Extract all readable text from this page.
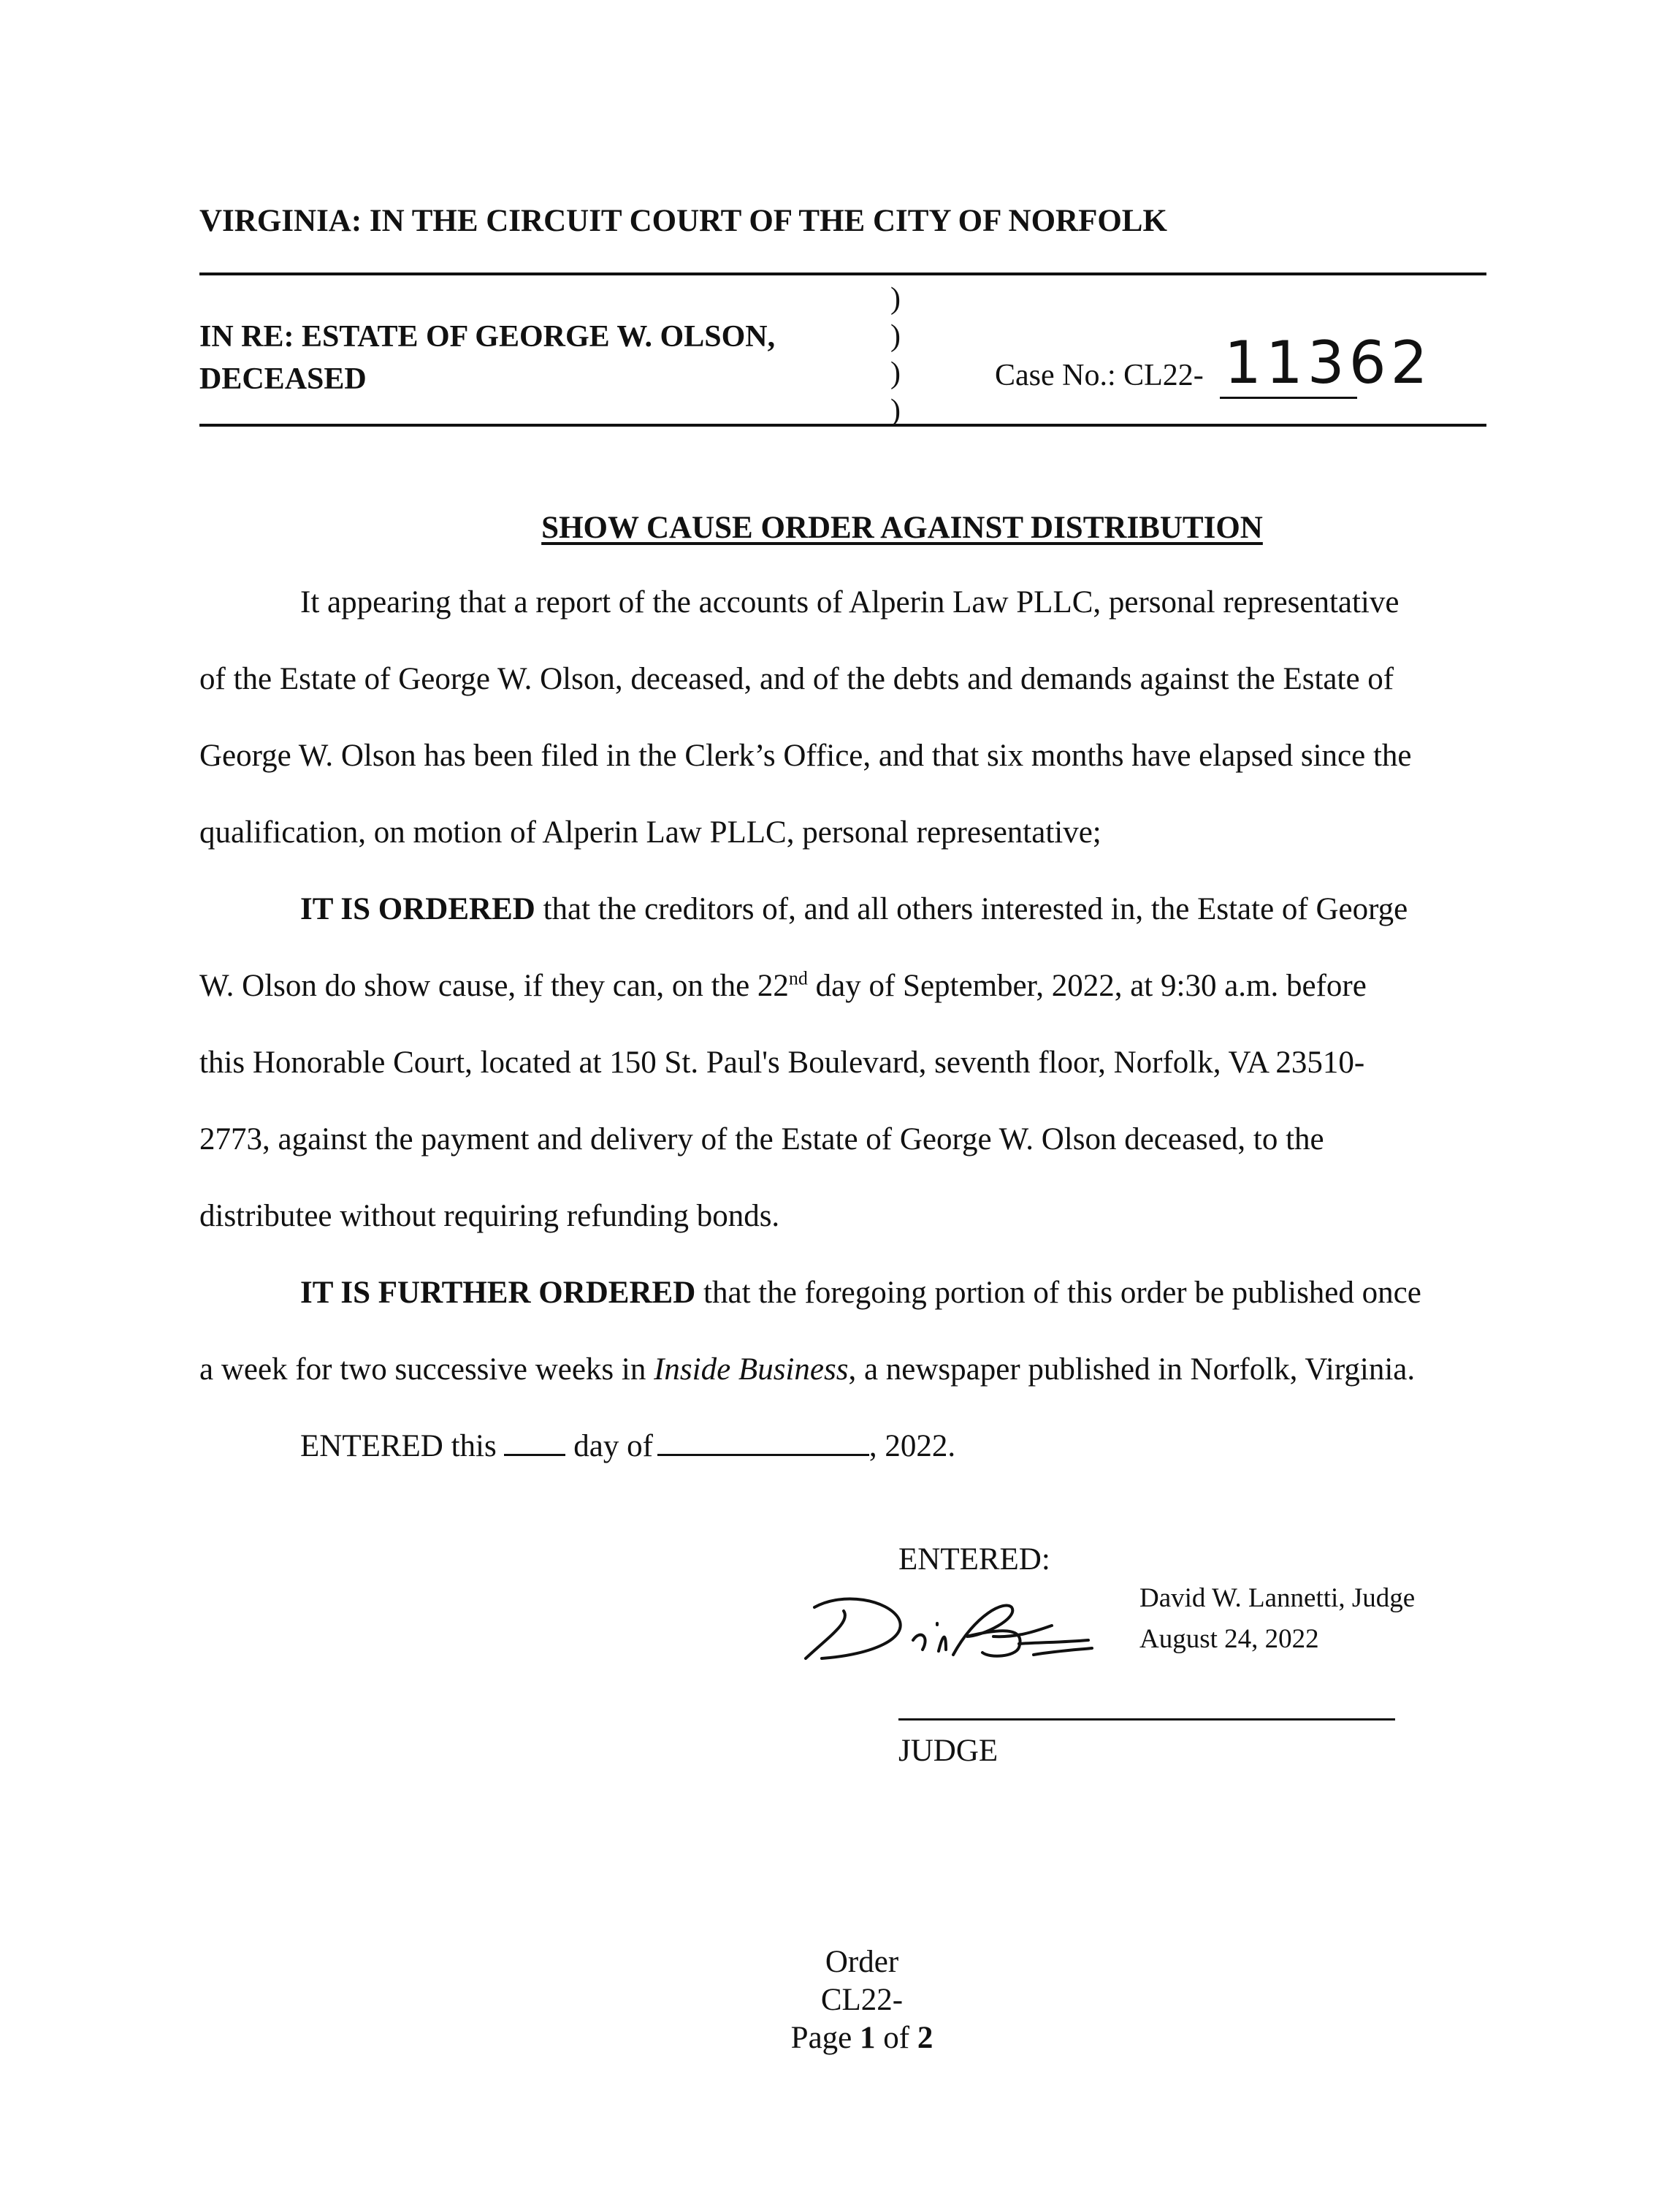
VIRGINIA: IN THE CIRCUIT COURT OF THE CITY OF NORFOLK
IN RE: ESTATE OF GEORGE W. OLSON,
DECEASED
)
)
)
)
Case No.: CL22- 11362
SHOW CAUSE ORDER AGAINST DISTRIBUTION
It appearing that a report of the accounts of Alperin Law PLLC, personal representative
of the Estate of George W. Olson, deceased, and of the debts and demands against the Estate of
George W. Olson has been filed in the Clerk’s Office, and that six months have elapsed since the
qualification, on motion of Alperin Law PLLC, personal representative;
IT IS ORDERED that the creditors of, and all others interested in, the Estate of George
W. Olson do show cause, if they can, on the 22nd day of September, 2022, at 9:30 a.m. before
this Honorable Court, located at 150 St. Paul's Boulevard, seventh floor, Norfolk, VA 23510-
2773, against the payment and delivery of the Estate of George W. Olson deceased, to the
distributee without requiring refunding bonds.
IT IS FURTHER ORDERED that the foregoing portion of this order be published once
a week for two successive weeks in Inside Business, a newspaper published in Norfolk, Virginia.
ENTERED this day of	, 2022.
ENTERED:
David W. Lannetti, Judge
August 24, 2022
JUDGE
Order
CL22-
Page 1 of 2
